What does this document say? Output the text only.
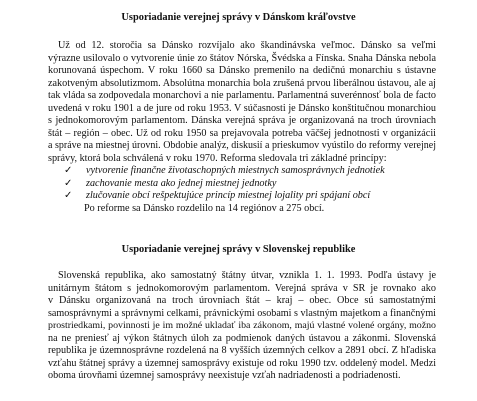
Usporiadanie verejnej správy v Dánskom kráľovstve
Už od 12. storočia sa Dánsko rozvíjalo ako škandinávska veľmoc. Dánsko sa veľmi
výrazne usilovalo o vytvorenie únie zo štátov Nórska, Švédska a Fínska. Snaha Dánska nebola
korunovaná úspechom. V roku 1660 sa Dánsko premenilo na dedičnú monarchiu s ústavne
zakotveným absolutizmom. Absolútna monarchia bola zrušená prvou liberálnou ústavou, ale aj
tak vláda sa zodpovedala monarchovi a nie parlamentu. Parlamentná suverénnosť bola de facto
uvedená v roku 1901 a de jure od roku 1953. V súčasnosti je Dánsko konštitučnou monarchiou
s jednokomorovým parlamentom. Dánska verejná správa je organizovaná na troch úrovniach
štát – región – obec. Už od roku 1950 sa prejavovala potreba väčšej jednotnosti v organizácii
a správe na miestnej úrovni. Obdobie analýz, diskusií a prieskumov vyústilo do reformy verejnej
správy, ktorá bola schválená v roku 1970. Reforma sledovala tri základné princípy:
✓	vytvorenie finančne životaschopných miestnych samosprávnych jednotiek
✓	zachovanie mesta ako jednej miestnej jednotky
✓	zlučovanie obcí rešpektujúce princíp miestnej lojality pri spájaní obcí
Po reforme sa Dánsko rozdelilo na 14 regiónov a 275 obcí.
Usporiadanie verejnej správy v Slovenskej republike
Slovenská republika, ako samostatný štátny útvar, vznikla 1. 1. 1993. Podľa ústavy je
unitárnym štátom s jednokomorovým parlamentom. Verejná správa v SR je rovnako ako
v Dánsku organizovaná na troch úrovniach štát – kraj – obec. Obce sú samostatnými
samosprávnymi a správnymi celkami, právnickými osobami s vlastným majetkom a finančnými
prostriedkami, povinnosti je im možné ukladať iba zákonom, majú vlastné volené orgány, možno
na ne preniesť aj výkon štátnych úloh za podmienok daných ústavou a zákonmi. Slovenská
republika je územnosprávne rozdelená na 8 vyšších územných celkov a 2891 obcí. Z hľadiska
vzťahu štátnej správy a územnej samosprávy existuje od roku 1990 tzv. oddelený model. Medzi
oboma úrovňami územnej samosprávy neexistuje vzťah nadriadenosti a podriadenosti.
